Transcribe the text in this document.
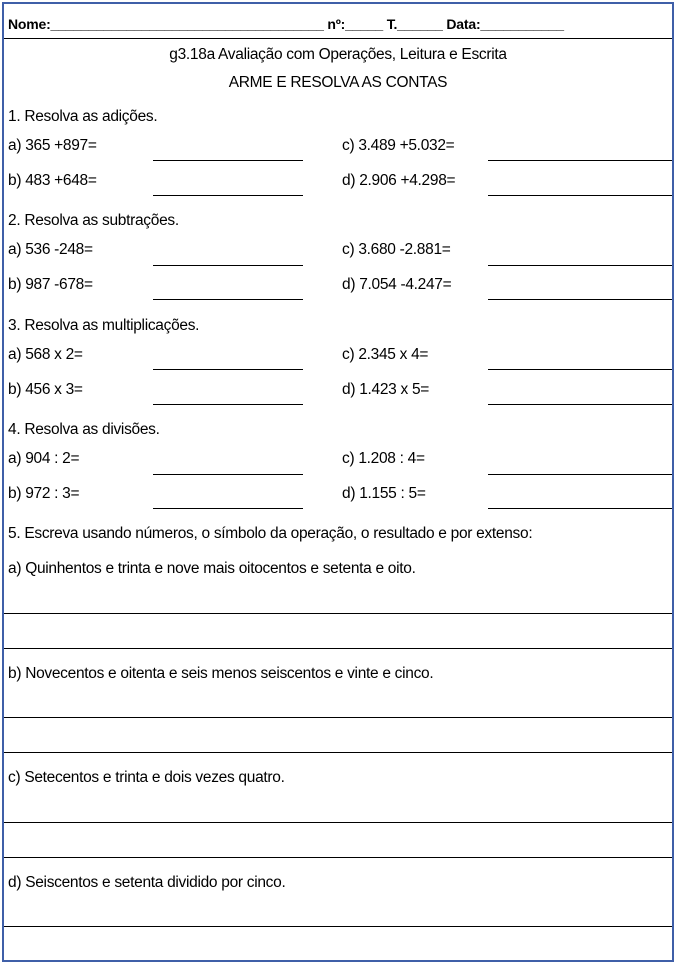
Nome:____________________________________ nº:_____ T.______ Data:___________
g3.18a Avaliação com Operações, Leitura e Escrita
ARME E RESOLVA AS CONTAS
1. Resolva as adições.
a) 365 +897=	c) 3.489 +5.032=
b) 483 +648=	d) 2.906 +4.298=
2. Resolva as subtrações.
a) 536 -248=	c) 3.680 -2.881=
b) 987 -678=	d) 7.054 -4.247=
3. Resolva as multiplicações.
a) 568 x 2=	c) 2.345 x 4=
b) 456 x 3=	d) 1.423 x 5=
4. Resolva as divisões.
a) 904 : 2=	c) 1.208 : 4=
b) 972 : 3=	d) 1.155 : 5=
5. Escreva usando números, o símbolo da operação, o resultado e por extenso:
a) Quinhentos e trinta e nove mais oitocentos e setenta e oito.
b) Novecentos e oitenta e seis menos seiscentos e vinte e cinco.
c) Setecentos e trinta e dois vezes quatro.
d) Seiscentos e setenta dividido por cinco.
